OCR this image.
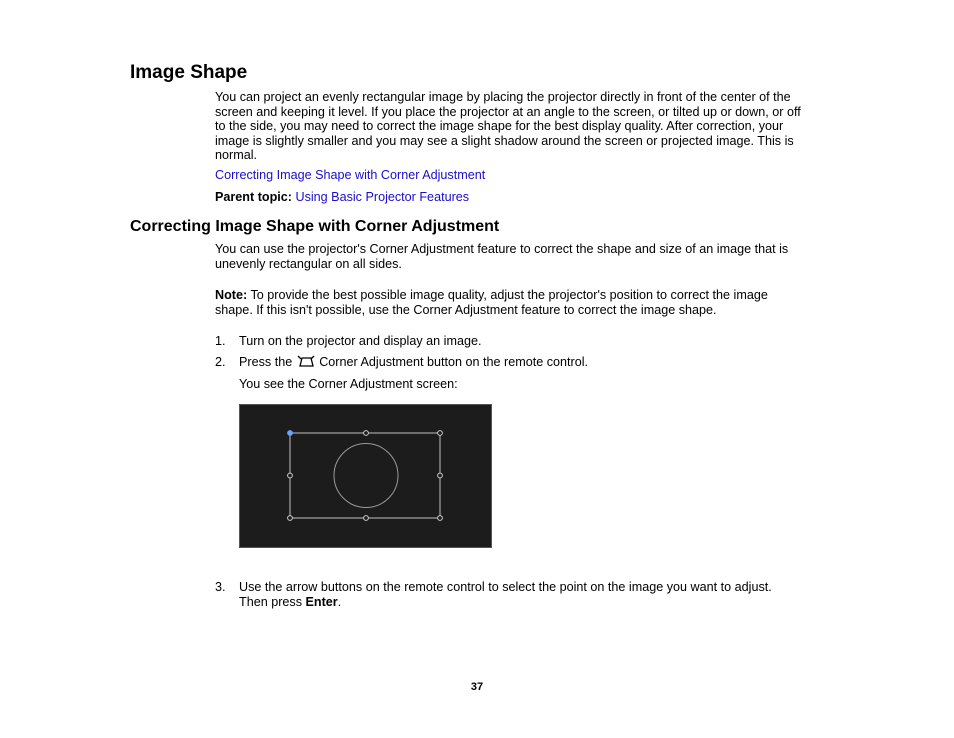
Image Shape
You can project an evenly rectangular image by placing the projector directly in front of the center of the
screen and keeping it level. If you place the projector at an angle to the screen, or tilted up or down, or off
to the side, you may need to correct the image shape for the best display quality. After correction, your
image is slightly smaller and you may see a slight shadow around the screen or projected image. This is
normal.
Correcting Image Shape with Corner Adjustment
Parent topic: Using Basic Projector Features
Correcting Image Shape with Corner Adjustment
You can use the projector's Corner Adjustment feature to correct the shape and size of an image that is
unevenly rectangular on all sides.
Note: To provide the best possible image quality, adjust the projector's position to correct the image
shape. If this isn't possible, use the Corner Adjustment feature to correct the image shape.
1. Turn on the projector and display an image.
2. Press the  Corner Adjustment button on the remote control.
You see the Corner Adjustment screen:
3. Use the arrow buttons on the remote control to select the point on the image you want to adjust.
Then press Enter.
37
